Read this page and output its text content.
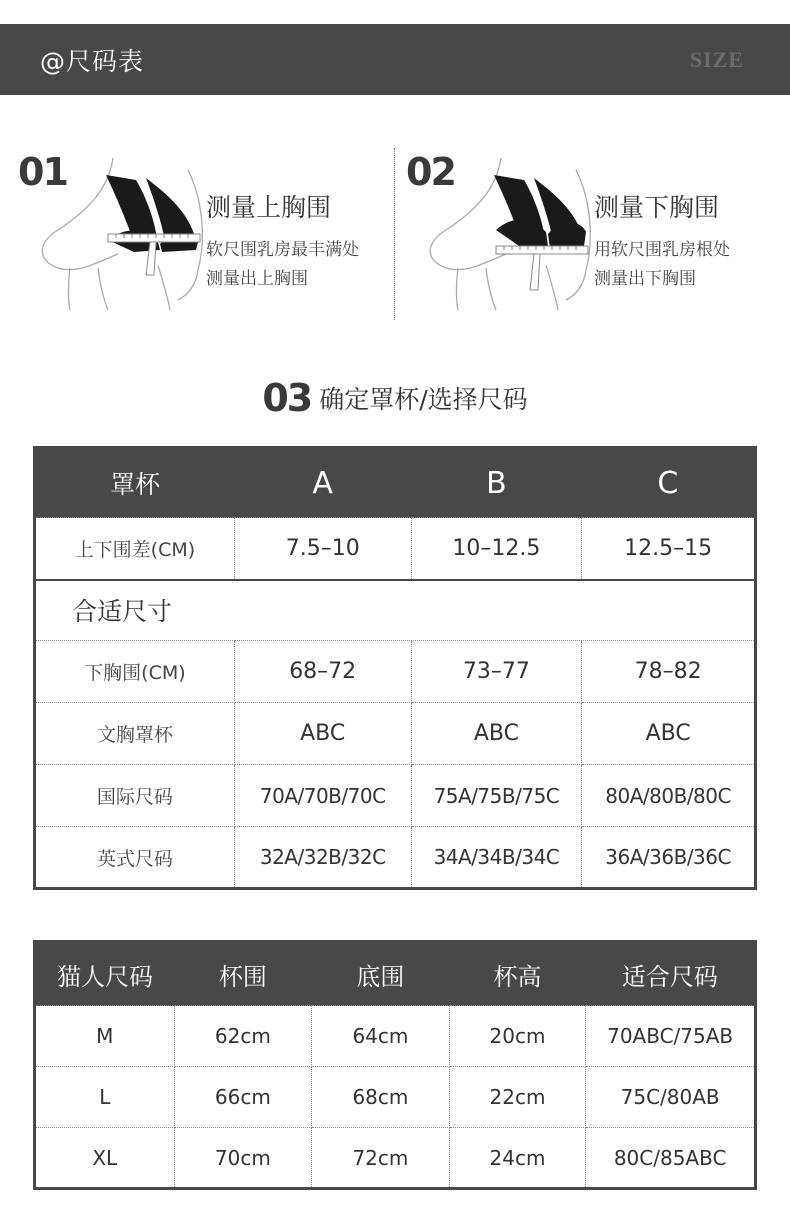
@尺码表	SIZE
01
测量上胸围
软尺围乳房最丰满处
测量出上胸围
02
测量下胸围
用软尺围乳房根处
测量出下胸围
03 确定罩杯/选择尺码
罩杯	A	B	C
上下围差(CM)	7.5–10	10–12.5	12.5–15
合适尺寸			
下胸围(CM)	68–72	73–77	78–82
文胸罩杯	ABC	ABC	ABC
国际尺码	70A/70B/70C	75A/75B/75C	80A/80B/80C
英式尺码	32A/32B/32C	34A/34B/34C	36A/36B/36C
猫人尺码	杯围	底围	杯高	适合尺码
M	62cm	64cm	20cm	70ABC/75AB
L	66cm	68cm	22cm	75C/80AB
XL	70cm	72cm	24cm	80C/85ABC
